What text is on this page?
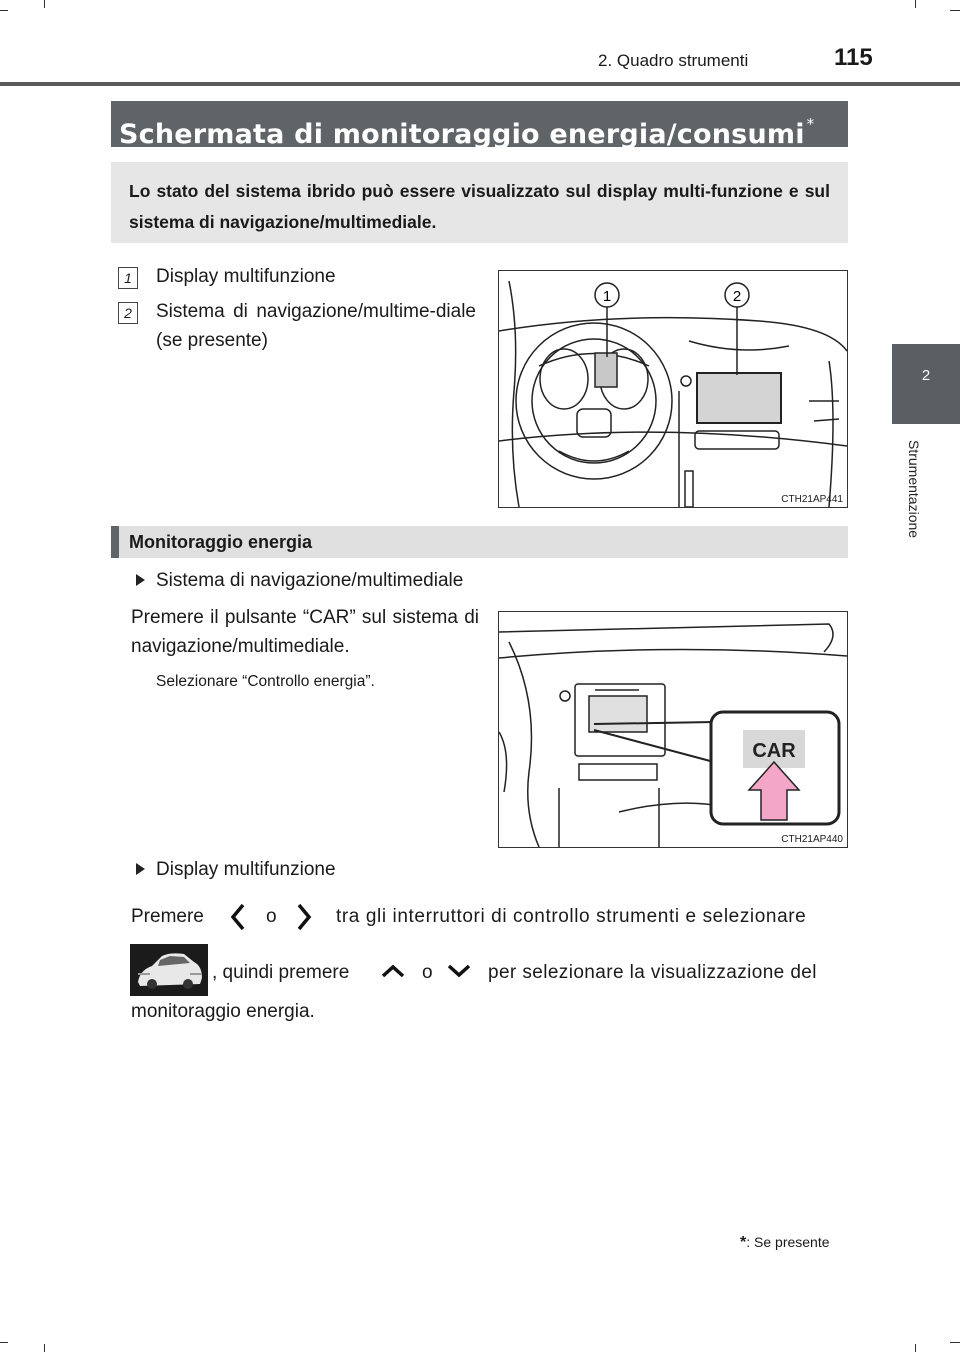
2. Quadro strumenti	115
2
Strumentazione
Schermata di monitoraggio energia/consumi *
Lo stato del sistema ibrido può essere visualizzato sul display multi-funzione e sul sistema di navigazione/multimediale.
1	Display multifunzione
2	Sistema di navigazione/multime-diale (se presente)
1	2
CTH21AP441
Monitoraggio energia
Sistema di navigazione/multimediale
Premere il pulsante “CAR” sul sistema di navigazione/multimediale.
Selezionare “Controllo energia”.
CAR
CTH21AP440
Display multifunzione
Premere	o	tra gli interruttori di controllo strumenti e selezionare
, quindi premere	o	per selezionare la visualizzazione del
monitoraggio energia.
*: Se presente
